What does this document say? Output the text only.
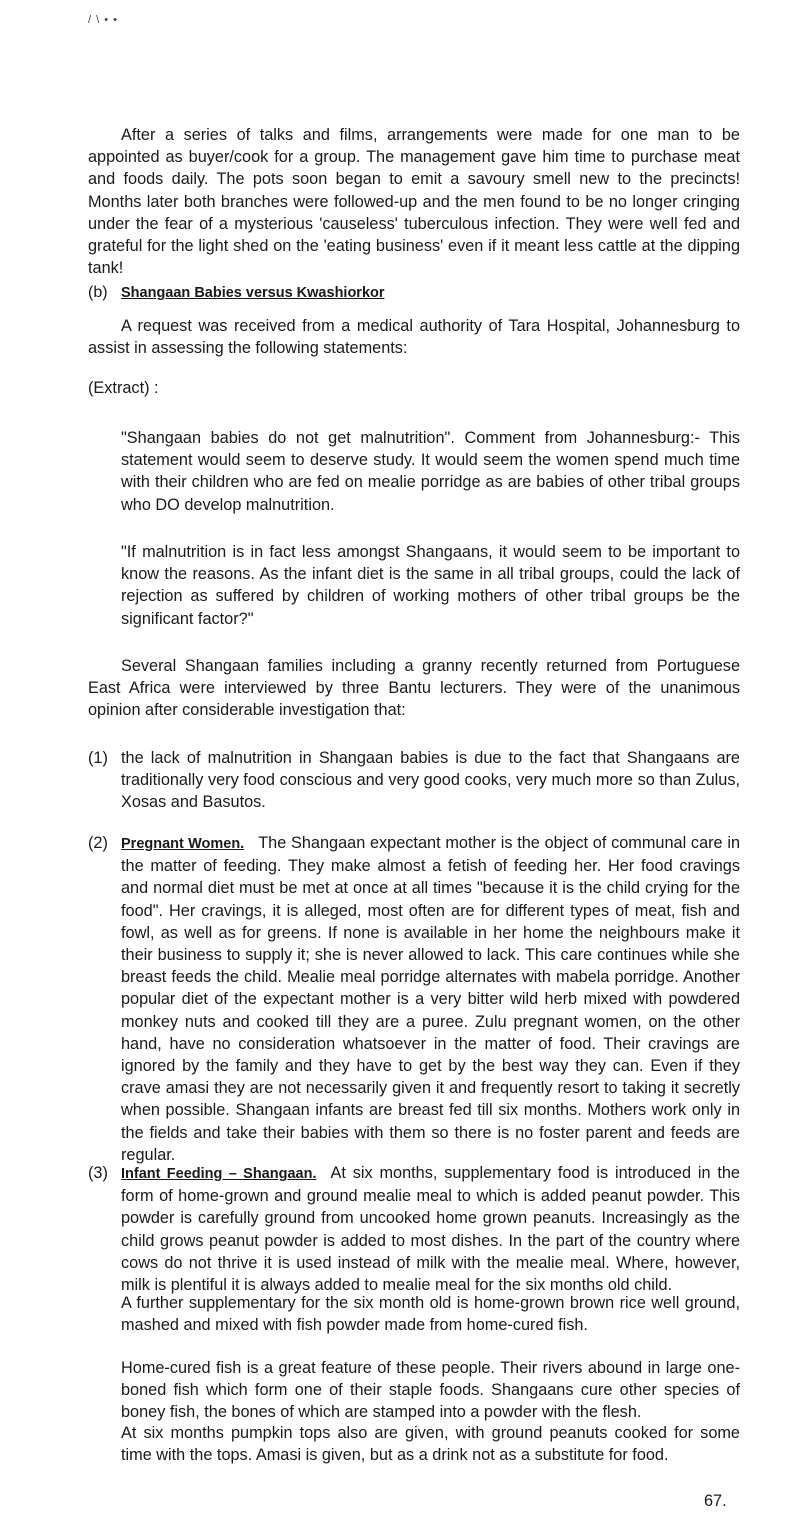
/ \ • •

After a series of talks and films, arrangements were made for one man to be appointed as buyer/cook for a group. The management gave him time to purchase meat and foods daily. The pots soon began to emit a savoury smell new to the precincts! Months later both branches were followed-up and the men found to be no longer cringing under the fear of a mysterious 'causeless' tuberculous infection. They were well fed and grateful for the light shed on the 'eating business' even if it meant less cattle at the dipping tank!

(b) Shangaan Babies versus Kwashiorkor

A request was received from a medical authority of Tara Hospital, Johannesburg to assist in assessing the following statements:

(Extract) :

"Shangaan babies do not get malnutrition". Comment from Johannesburg:- This statement would seem to deserve study. It would seem the women spend much time with their children who are fed on mealie porridge as are babies of other tribal groups who DO develop malnutrition.

"If malnutrition is in fact less amongst Shangaans, it would seem to be important to know the reasons. As the infant diet is the same in all tribal groups, could the lack of rejection as suffered by children of working mothers of other tribal groups be the significant factor?"

Several Shangaan families including a granny recently returned from Portuguese East Africa were interviewed by three Bantu lecturers. They were of the unanimous opinion after considerable investigation that:

(1) the lack of malnutrition in Shangaan babies is due to the fact that Shangaans are traditionally very food conscious and very good cooks, very much more so than Zulus, Xosas and Basutos.
(2) Pregnant Women. The Shangaan expectant mother is the object of communal care in the matter of feeding. They make almost a fetish of feeding her. Her food cravings and normal diet must be met at once at all times "because it is the child crying for the food". Her cravings, it is alleged, most often are for different types of meat, fish and fowl, as well as for greens. If none is available in her home the neighbours make it their business to supply it; she is never allowed to lack. This care continues while she breast feeds the child. Mealie meal porridge alternates with mabela porridge. Another popular diet of the expectant mother is a very bitter wild herb mixed with powdered monkey nuts and cooked till they are a puree. Zulu pregnant women, on the other hand, have no consideration whatsoever in the matter of food. Their cravings are ignored by the family and they have to get by the best way they can. Even if they crave amasi they are not necessarily given it and frequently resort to taking it secretly when possible. Shangaan infants are breast fed till six months. Mothers work only in the fields and take their babies with them so there is no foster parent and feeds are regular.
(3) Infant Feeding – Shangaan. At six months, supplementary food is introduced in the form of home-grown and ground mealie meal to which is added peanut powder. This powder is carefully ground from uncooked home grown peanuts. Increasingly as the child grows peanut powder is added to most dishes. In the part of the country where cows do not thrive it is used instead of milk with the mealie meal. Where, however, milk is plentiful it is always added to mealie meal for the six months old child.

A further supplementary for the six month old is home-grown brown rice well ground, mashed and mixed with fish powder made from home-cured fish.

Home-cured fish is a great feature of these people. Their rivers abound in large one-boned fish which form one of their staple foods. Shangaans cure other species of boney fish, the bones of which are stamped into a powder with the flesh.

At six months pumpkin tops also are given, with ground peanuts cooked for some time with the tops. Amasi is given, but as a drink not as a substitute for food.

67.
